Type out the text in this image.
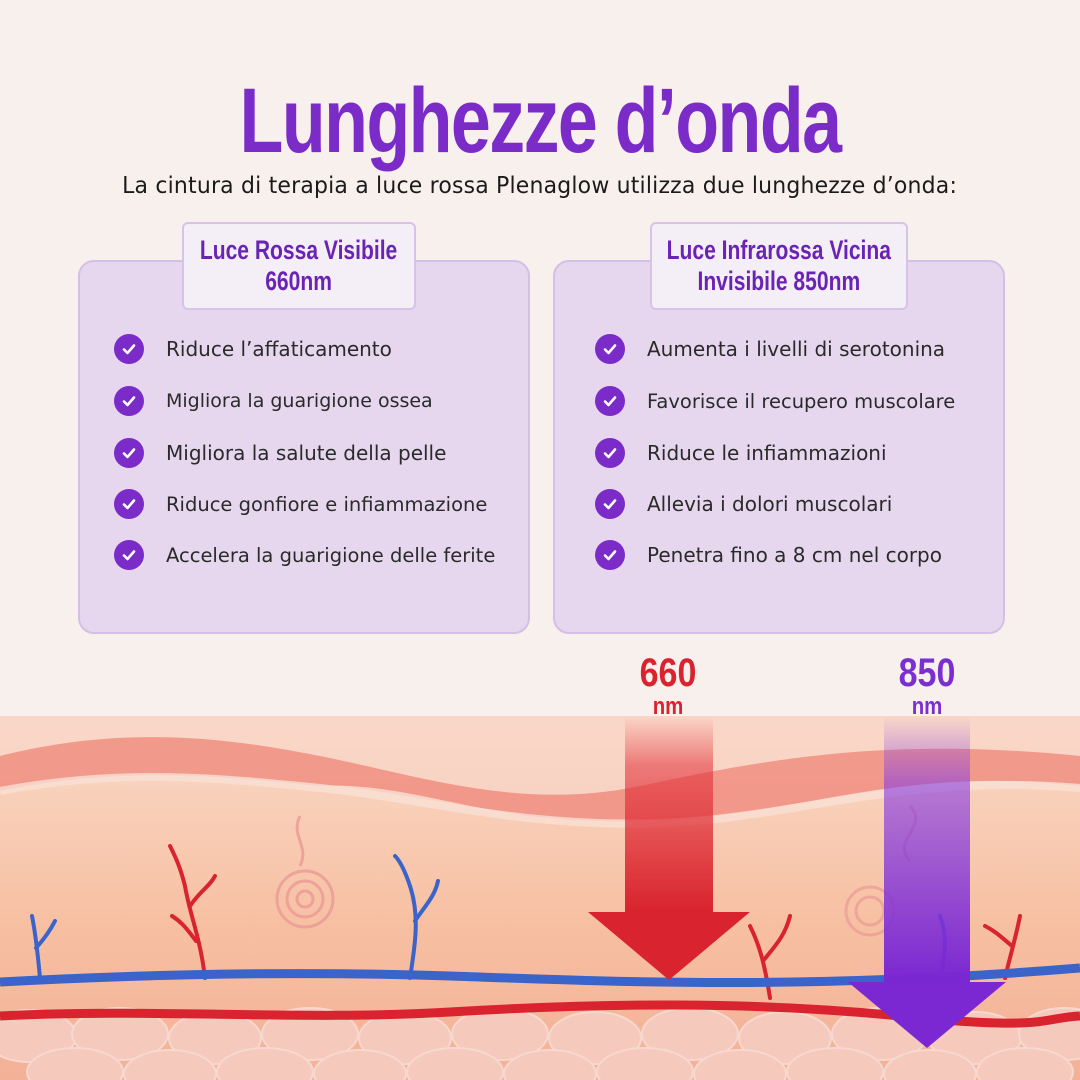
Lunghezze d’onda
La cintura di terapia a luce rossa Plenaglow utilizza due lunghezze d’onda:
Luce Rossa Visibile
660nm
Riduce l’affaticamento
Migliora la guarigione ossea
Migliora la salute della pelle
Riduce gonfiore e infiammazione
Accelera la guarigione delle ferite
Luce Infrarossa Vicina
Invisibile 850nm
Aumenta i livelli di serotonina
Favorisce il recupero muscolare
Riduce le infiammazioni
Allevia i dolori muscolari
Penetra fino a 8 cm nel corpo
660
nm
850
nm
